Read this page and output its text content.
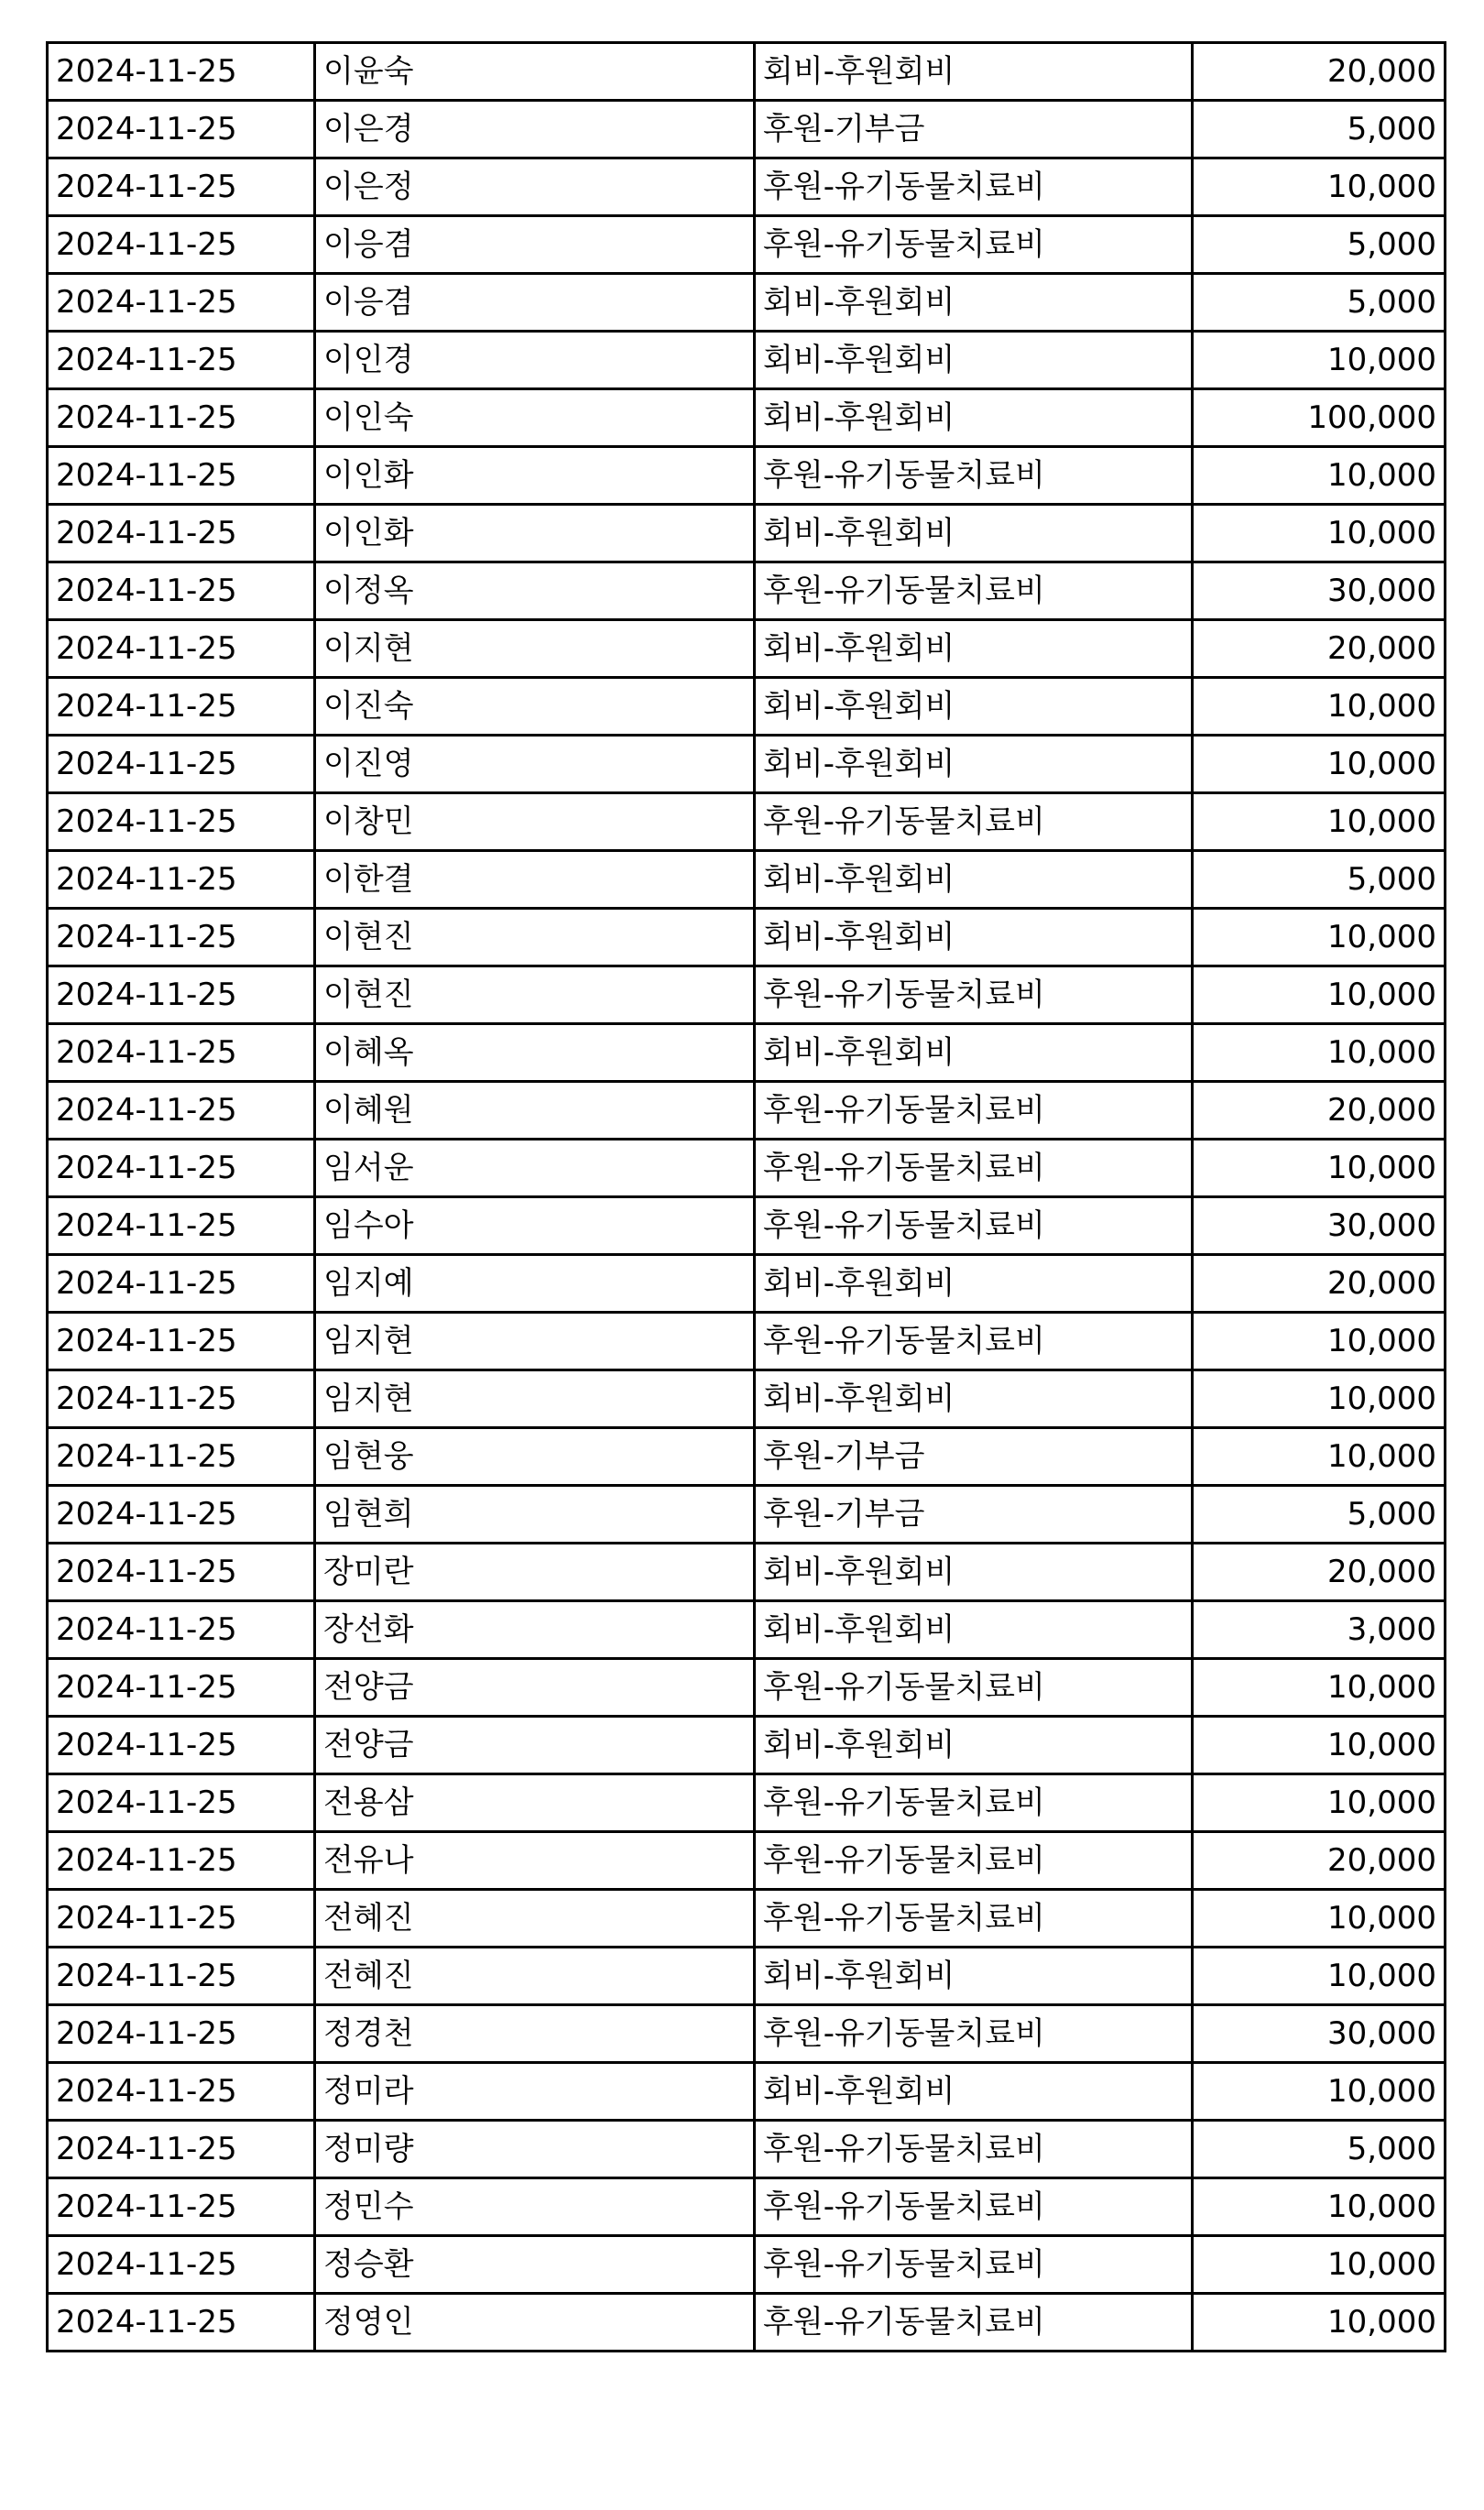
2024-11-25	이윤숙	회비-후원회비	20,000
2024-11-25	이은경	후원-기부금	5,000
2024-11-25	이은정	후원-유기동물치료비	10,000
2024-11-25	이응겸	후원-유기동물치료비	5,000
2024-11-25	이응겸	회비-후원회비	5,000
2024-11-25	이인경	회비-후원회비	10,000
2024-11-25	이인숙	회비-후원회비	100,000
2024-11-25	이인화	후원-유기동물치료비	10,000
2024-11-25	이인화	회비-후원회비	10,000
2024-11-25	이정옥	후원-유기동물치료비	30,000
2024-11-25	이지현	회비-후원회비	20,000
2024-11-25	이진숙	회비-후원회비	10,000
2024-11-25	이진영	회비-후원회비	10,000
2024-11-25	이창민	후원-유기동물치료비	10,000
2024-11-25	이한결	회비-후원회비	5,000
2024-11-25	이현진	회비-후원회비	10,000
2024-11-25	이현진	후원-유기동물치료비	10,000
2024-11-25	이혜옥	회비-후원회비	10,000
2024-11-25	이혜원	후원-유기동물치료비	20,000
2024-11-25	임서운	후원-유기동물치료비	10,000
2024-11-25	임수아	후원-유기동물치료비	30,000
2024-11-25	임지예	회비-후원회비	20,000
2024-11-25	임지현	후원-유기동물치료비	10,000
2024-11-25	임지현	회비-후원회비	10,000
2024-11-25	임현웅	후원-기부금	10,000
2024-11-25	임현희	후원-기부금	5,000
2024-11-25	장미란	회비-후원회비	20,000
2024-11-25	장선화	회비-후원회비	3,000
2024-11-25	전양금	후원-유기동물치료비	10,000
2024-11-25	전양금	회비-후원회비	10,000
2024-11-25	전용삼	후원-유기동물치료비	10,000
2024-11-25	전유나	후원-유기동물치료비	20,000
2024-11-25	전혜진	후원-유기동물치료비	10,000
2024-11-25	전혜진	회비-후원회비	10,000
2024-11-25	정경천	후원-유기동물치료비	30,000
2024-11-25	정미라	회비-후원회비	10,000
2024-11-25	정미량	후원-유기동물치료비	5,000
2024-11-25	정민수	후원-유기동물치료비	10,000
2024-11-25	정승환	후원-유기동물치료비	10,000
2024-11-25	정영인	후원-유기동물치료비	10,000
